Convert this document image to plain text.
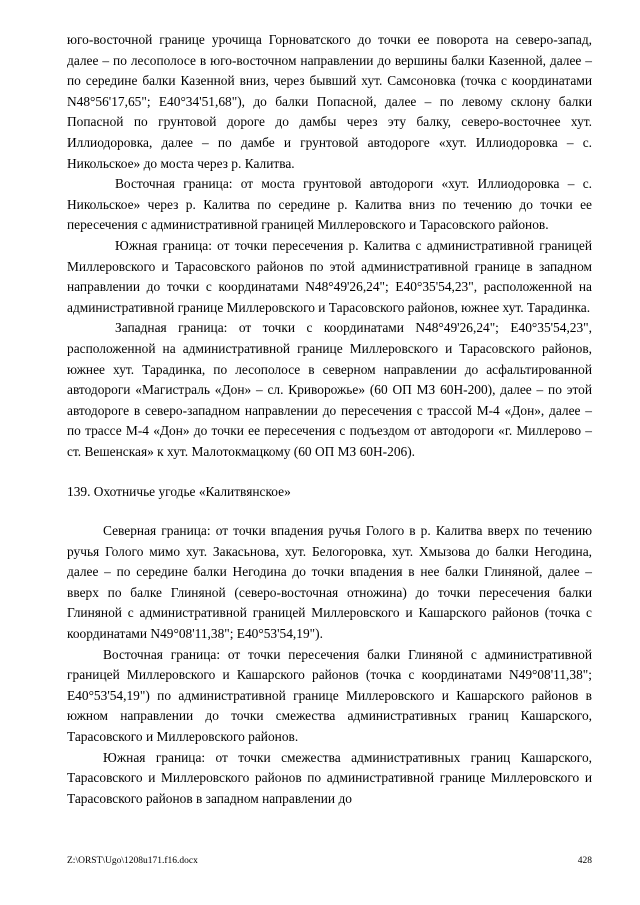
юго-восточной границе урочища Горноватского до точки ее поворота на северо-запад, далее – по лесополосе в юго-восточном направлении до вершины балки Казенной, далее – по середине балки Казенной вниз, через бывший хут. Самсоновка (точка с координатами N48°56'17,65"; E40°34'51,68"), до балки Попасной, далее – по левому склону балки Попасной по грунтовой дороге до дамбы через эту балку, северо-восточнее хут. Иллиодоровка, далее – по дамбе и грунтовой автодороге «хут. Иллиодоровка – с. Никольское» до моста через р. Калитва.

Восточная граница: от моста грунтовой автодороги «хут. Иллиодоровка – с. Никольское» через р. Калитва по середине р. Калитва вниз по течению до точки ее пересечения с административной границей Миллеровского и Тарасовского районов.

Южная граница: от точки пересечения р. Калитва с административной границей Миллеровского и Тарасовского районов по этой административной границе в западном направлении до точки с координатами N48°49'26,24"; E40°35'54,23", расположенной на административной границе Миллеровского и Тарасовского районов, южнее хут. Тарадинка.

Западная граница: от точки с координатами N48°49'26,24"; E40°35'54,23", расположенной на административной границе Миллеровского и Тарасовского районов, южнее хут. Тарадинка, по лесополосе в северном направлении до асфальтированной автодороги «Магистраль «Дон» – сл. Криворожье» (60 ОП МЗ 60Н-200), далее – по этой автодороге в северо-западном направлении до пересечения с трассой М-4 «Дон», далее – по трассе М-4 «Дон» до точки ее пересечения с подъездом от автодороги «г. Миллерово – ст. Вешенская» к хут. Малотокмацкому (60 ОП МЗ 60Н-206).

139. Охотничье угодье «Калитвянское»

Северная граница: от точки впадения ручья Голого в р. Калитва вверх по течению ручья Голого мимо хут. Закасьнова, хут. Белогоровка, хут. Хмызова до балки Негодина, далее – по середине балки Негодина до точки впадения в нее балки Глиняной, далее – вверх по балке Глиняной (северо-восточная отножина) до точки пересечения балки Глиняной с административной границей Миллеровского и Кашарского районов (точка с координатами N49°08'11,38"; E40°53'54,19").

Восточная граница: от точки пересечения балки Глиняной с административной границей Миллеровского и Кашарского районов (точка с координатами N49°08'11,38"; E40°53'54,19") по административной границе Миллеровского и Кашарского районов в южном направлении до точки смежества административных границ Кашарского, Тарасовского и Миллеровского районов.

Южная граница: от точки смежества административных границ Кашарского, Тарасовского и Миллеровского районов по административной границе Миллеровского и Тарасовского районов в западном направлении до

Z:\ORST\Ugo\1208u171.f16.docx	428
